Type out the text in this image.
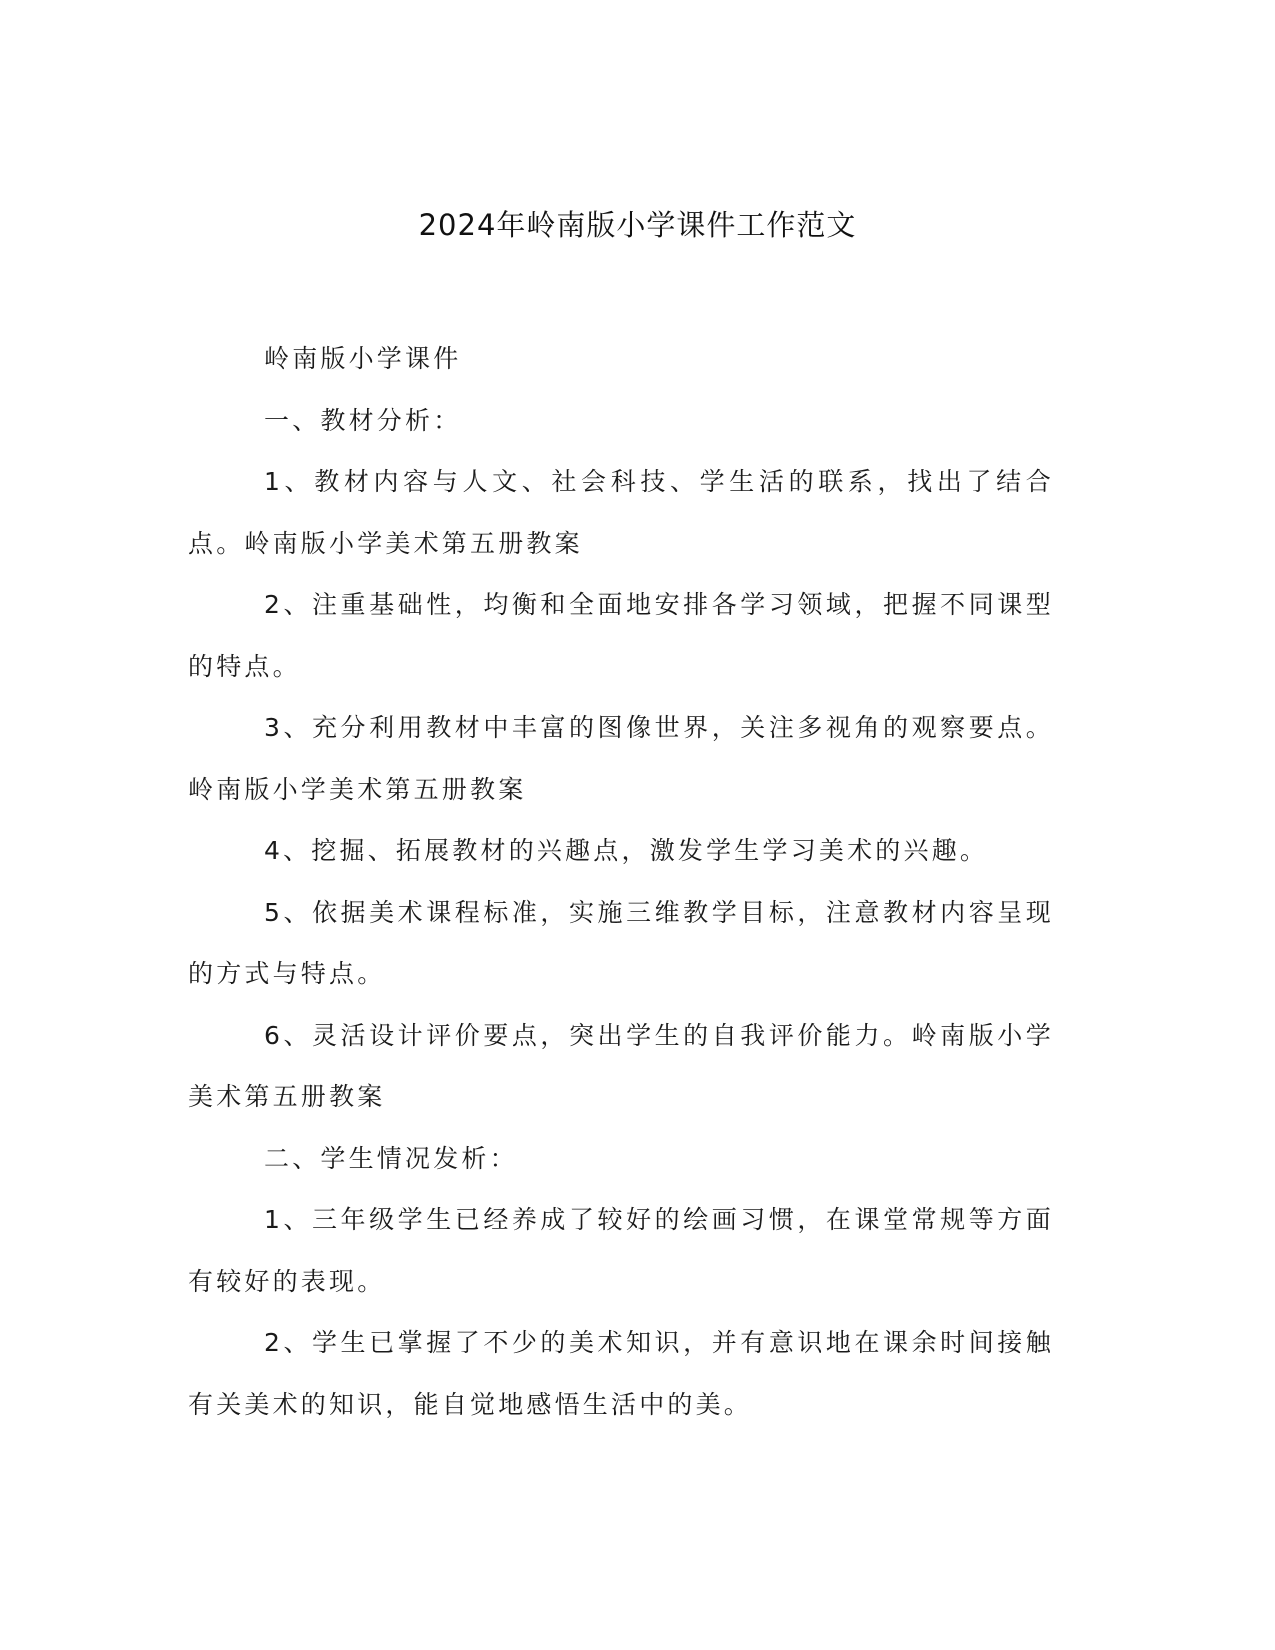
2024年岭南版小学课件工作范文

岭南版小学课件

一、教材分析：

1、教材内容与人文、社会科技、学生活的联系，找出了结合点。岭南版小学美术第五册教案

2、注重基础性，均衡和全面地安排各学习领域，把握不同课型的特点。

3、充分利用教材中丰富的图像世界，关注多视角的观察要点。岭南版小学美术第五册教案

4、挖掘、拓展教材的兴趣点，激发学生学习美术的兴趣。

5、依据美术课程标准，实施三维教学目标，注意教材内容呈现的方式与特点。

6、灵活设计评价要点，突出学生的自我评价能力。岭南版小学美术第五册教案

二、学生情况发析：

1、三年级学生已经养成了较好的绘画习惯，在课堂常规等方面有较好的表现。

2、学生已掌握了不少的美术知识，并有意识地在课余时间接触有关美术的知识，能自觉地感悟生活中的美。
